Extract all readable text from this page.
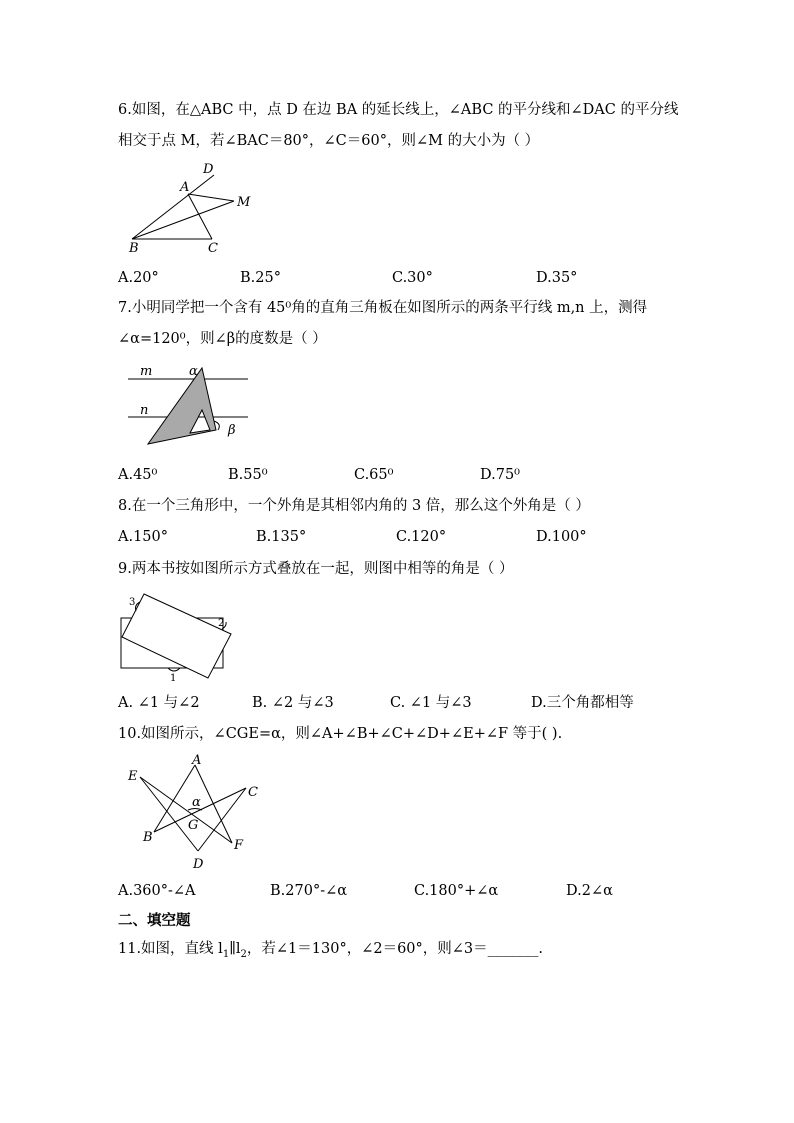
6.如图，在△ABC 中，点 D 在边 BA 的延长线上，∠ABC 的平分线和∠DAC 的平分线
相交于点 M，若∠BAC＝80°，∠C＝60°，则∠M 的大小为（ ）
D
A
M
B	C
A.20°	B.25°	C.30°	D.35°
7.小明同学把一个含有 45⁰角的直角三角板在如图所示的两条平行线 m,n 上，测得
∠α=120⁰，则∠β的度数是（ ）
m
n
α
β
A.45⁰	B.55⁰	C.65⁰	D.75⁰
8.在一个三角形中，一个外角是其相邻内角的 3 倍，那么这个外角是（ ）
A.150°	B.135°	C.120°	D.100°
9.两本书按如图所示方式叠放在一起，则图中相等的角是（ ）
3
2
1
A. ∠1 与∠2	B. ∠2 与∠3	C. ∠1 与∠3	D.三个角都相等
10.如图所示，∠CGE=α，则∠A+∠B+∠C+∠D+∠E+∠F 等于( ).
A
E
C
α
G
B
F
D
A.360°-∠A	B.270°-∠α	C.180°+∠α	D.2∠α
二、填空题
11.如图，直线 $l_1\parallel l_2$，若∠1＝130°，∠2＝60°，则∠3＝_______.
